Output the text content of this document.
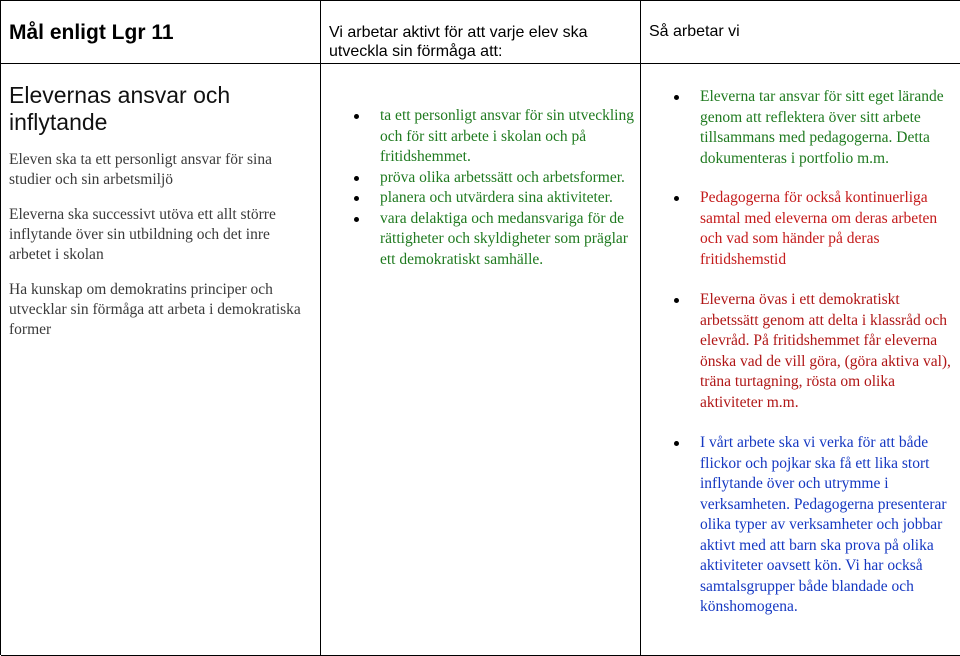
Mål enligt Lgr 11	Vi arbetar aktivt för att varje elev ska utveckla sin förmåga att:
Så arbetar vi
Elevernas ansvar och inflytande

Eleven ska ta ett personligt ansvar för sina studier och sin arbetsmiljö

Eleverna ska successivt utöva ett allt större inflytande över sin utbildning och det inre arbetet i skolan

Ha kunskap om demokratins principer och utvecklar sin förmåga att arbeta i demokratiska former

ta ett personligt ansvar för sin utveckling och för sitt arbete i skolan och på fritidshemmet.
pröva olika arbetssätt och arbetsformer.
planera och utvärdera sina aktiviteter.
vara delaktiga och medansvariga för de rättigheter och skyldigheter som präglar ett demokratiskt samhälle.
Eleverna tar ansvar för sitt eget lärande genom att reflektera över sitt arbete tillsammans med pedagogerna. Detta dokumenteras i portfolio m.m.
Pedagogerna för också kontinuerliga samtal med eleverna om deras arbeten och vad som händer på deras fritidshemstid
Eleverna övas i ett demokratiskt arbetssätt genom att delta i klassråd och elevråd. På fritidshemmet får eleverna önska vad de vill göra, (göra aktiva val), träna turtagning, rösta om olika aktiviteter m.m.
I vårt arbete ska vi verka för att både flickor och pojkar ska få ett lika stort inflytande över och utrymme i verksamheten. Pedagogerna presenterar olika typer av verksamheter och jobbar aktivt med att barn ska prova på olika aktiviteter oavsett kön. Vi har också samtalsgrupper både blandade och könshomogena.
